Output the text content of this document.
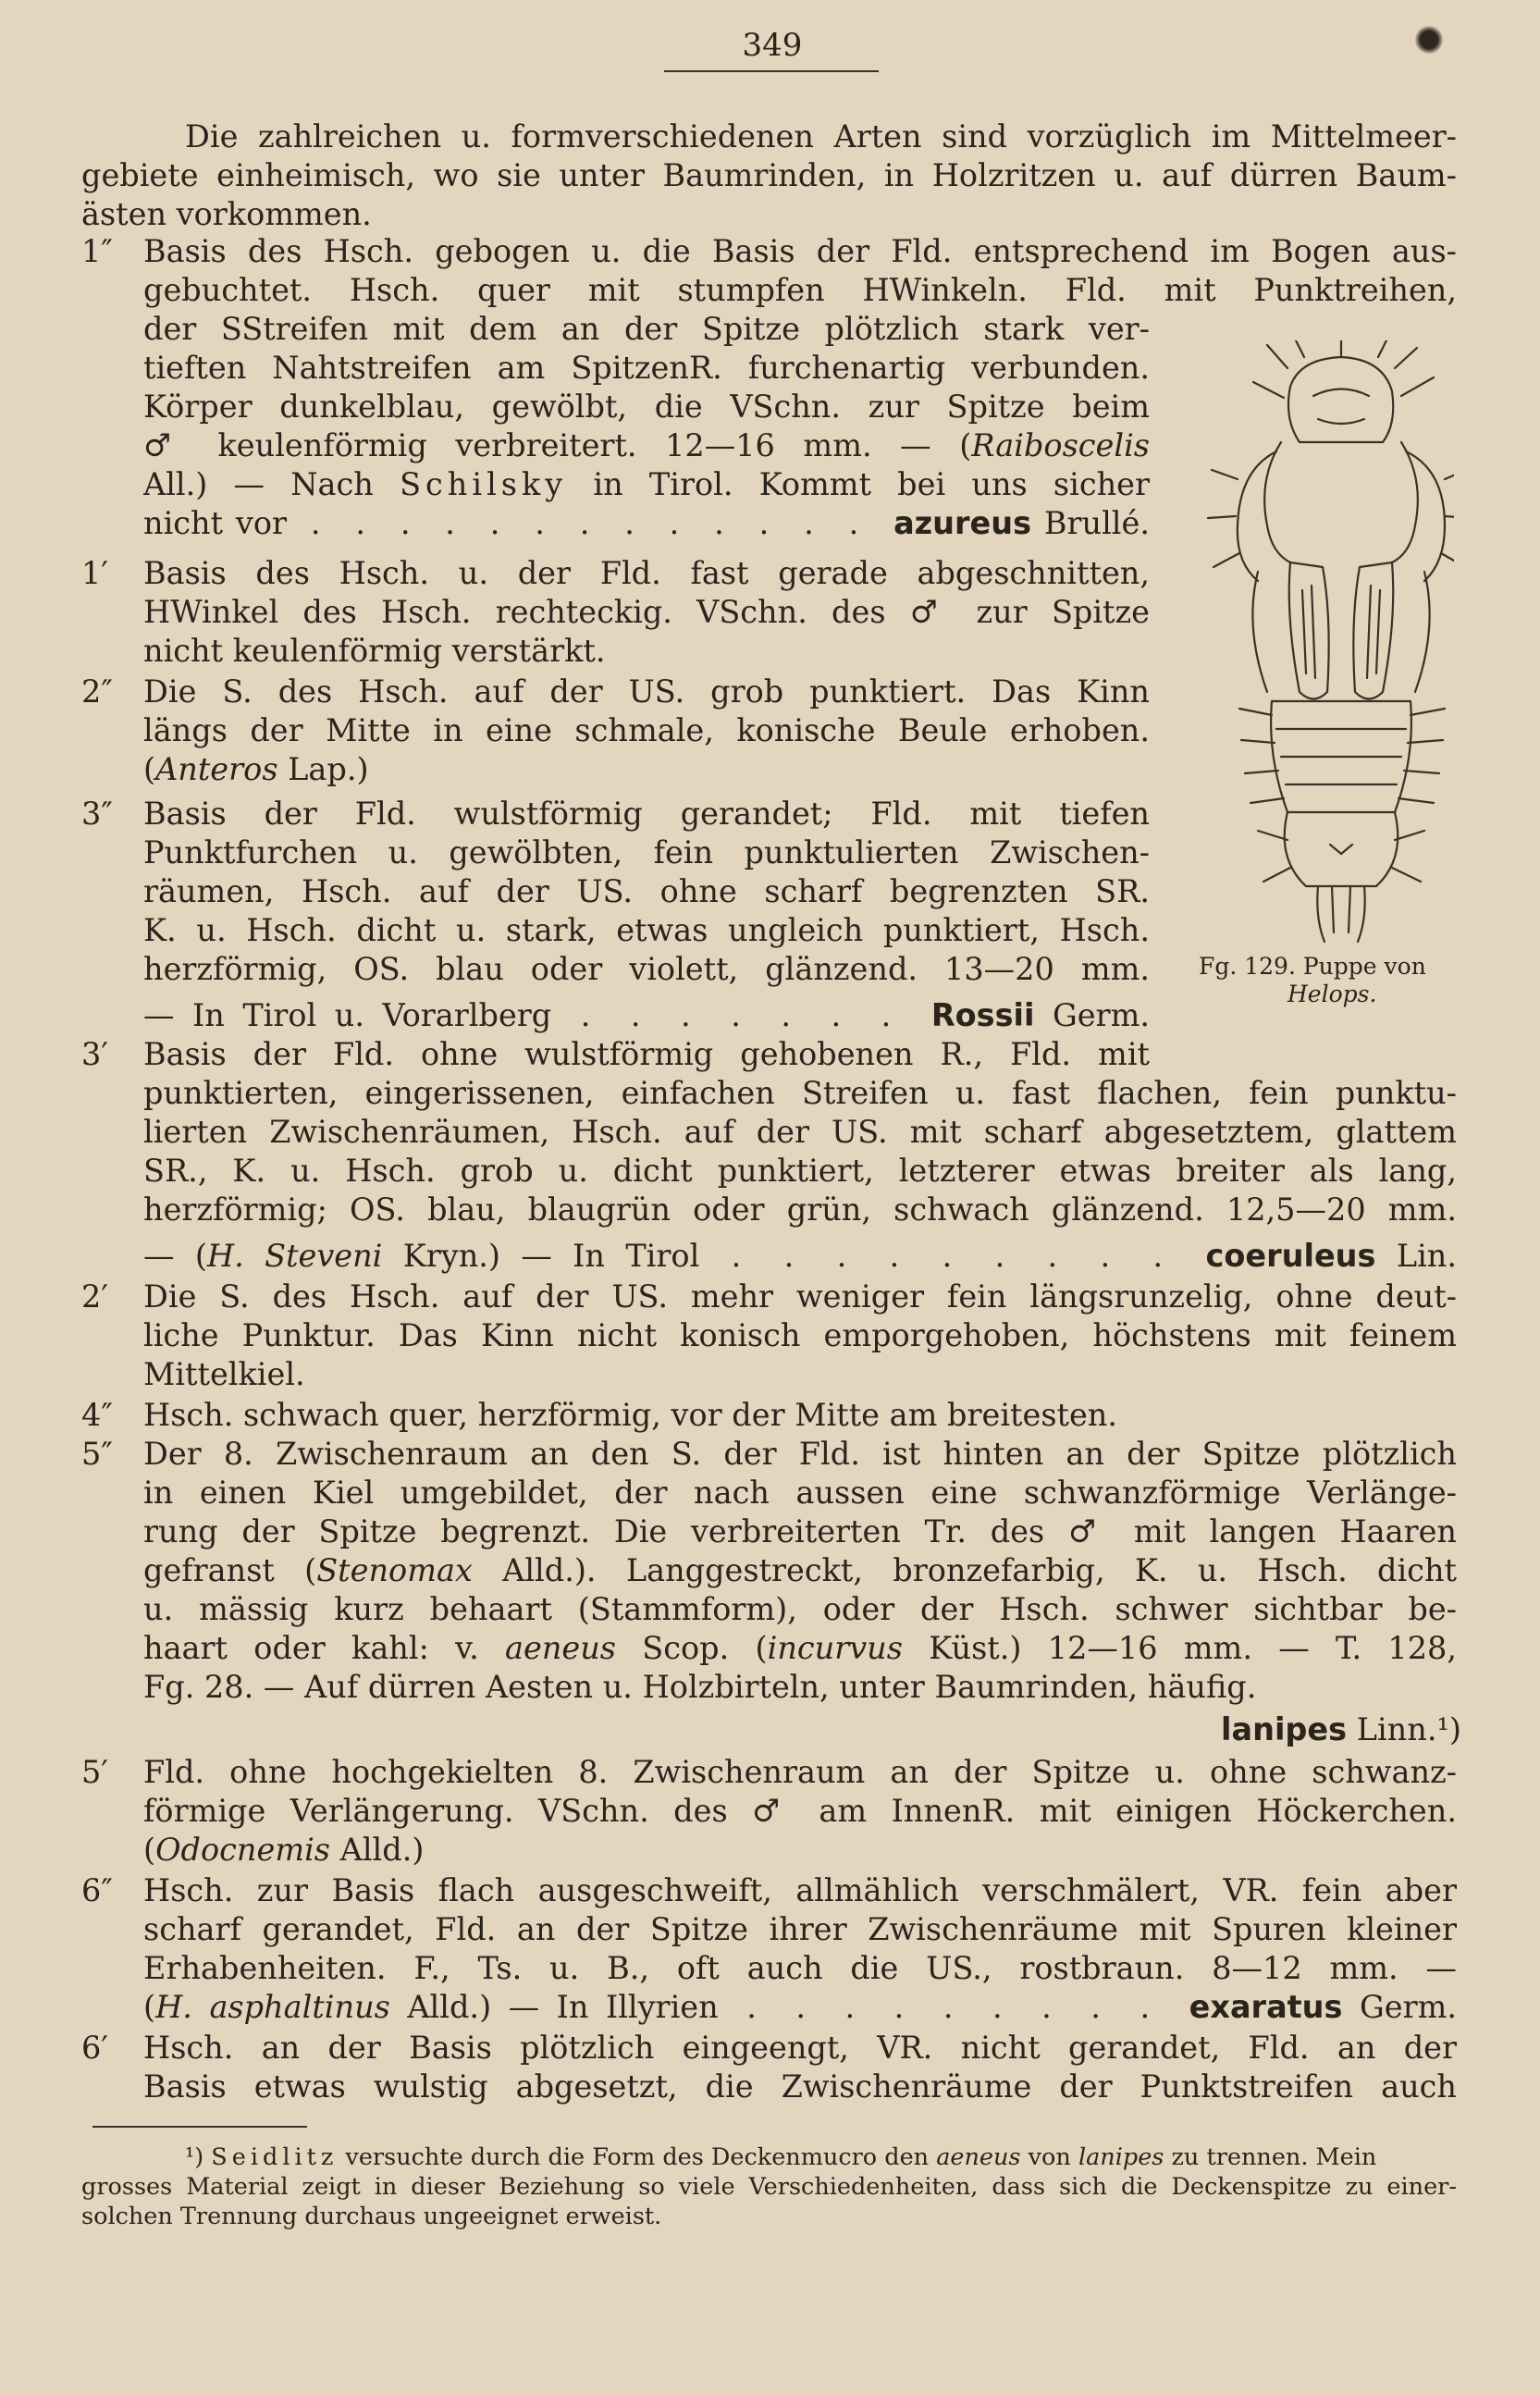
349
Die zahlreichen u. formverschiedenen Arten sind vorzüglich im Mittelmeer-
gebiete einheimisch, wo sie unter Baumrinden, in Holzritzen u. auf dürren Baum-
ästen vorkommen.
1″ Basis des Hsch. gebogen u. die Basis der Fld. entsprechend im Bogen aus-
gebuchtet. Hsch. quer mit stumpfen HWinkeln. Fld. mit Punktreihen,
der SStreifen mit dem an der Spitze plötzlich stark ver-
tieften Nahtstreifen am SpitzenR. furchenartig verbunden.
Körper dunkelblau, gewölbt, die VSchn. zur Spitze beim
♂ keulenförmig verbreitert. 12—16 mm. — (Raiboscelis
All.) — Nach Schilsky in Tirol. Kommt bei uns sicher
nicht vor . . . . . . . . . . . . . azureus Brullé.
1′ Basis des Hsch. u. der Fld. fast gerade abgeschnitten,
HWinkel des Hsch. rechteckig. VSchn. des ♂ zur Spitze
nicht keulenförmig verstärkt.
2″ Die S. des Hsch. auf der US. grob punktiert. Das Kinn
längs der Mitte in eine schmale, konische Beule erhoben.
(Anteros Lap.)
3″ Basis der Fld. wulstförmig gerandet; Fld. mit tiefen
Punktfurchen u. gewölbten, fein punktulierten Zwischen-
räumen, Hsch. auf der US. ohne scharf begrenzten SR.
K. u. Hsch. dicht u. stark, etwas ungleich punktiert, Hsch.
herzförmig, OS. blau oder violett, glänzend. 13—20 mm.
— In Tirol u. Vorarlberg . . . . . . . Rossii Germ.
3′ Basis der Fld. ohne wulstförmig gehobenen R., Fld. mit
punktierten, eingerissenen, einfachen Streifen u. fast flachen, fein punktu-
lierten Zwischenräumen, Hsch. auf der US. mit scharf abgesetztem, glattem
SR., K. u. Hsch. grob u. dicht punktiert, letzterer etwas breiter als lang,
herzförmig; OS. blau, blaugrün oder grün, schwach glänzend. 12,5—20 mm.
— (H. Steveni Kryn.) — In Tirol . . . . . . . . . coeruleus Lin.
2′ Die S. des Hsch. auf der US. mehr weniger fein längsrunzelig, ohne deut-
liche Punktur. Das Kinn nicht konisch emporgehoben, höchstens mit feinem
Mittelkiel.
4″ Hsch. schwach quer, herzförmig, vor der Mitte am breitesten.
5″ Der 8. Zwischenraum an den S. der Fld. ist hinten an der Spitze plötzlich
in einen Kiel umgebildet, der nach aussen eine schwanzförmige Verlänge-
rung der Spitze begrenzt. Die verbreiterten Tr. des ♂ mit langen Haaren
gefranst (Stenomax Alld.). Langgestreckt, bronzefarbig, K. u. Hsch. dicht
u. mässig kurz behaart (Stammform), oder der Hsch. schwer sichtbar be-
haart oder kahl: v. aeneus Scop. (incurvus Küst.) 12—16 mm. — T. 128,
Fg. 28. — Auf dürren Aesten u. Holzbirteln, unter Baumrinden, häufig.
lanipes Linn.¹)
5′ Fld. ohne hochgekielten 8. Zwischenraum an der Spitze u. ohne schwanz-
förmige Verlängerung. VSchn. des ♂ am InnenR. mit einigen Höckerchen.
(Odocnemis Alld.)
6″ Hsch. zur Basis flach ausgeschweift, allmählich verschmälert, VR. fein aber
scharf gerandet, Fld. an der Spitze ihrer Zwischenräume mit Spuren kleiner
Erhabenheiten. F., Ts. u. B., oft auch die US., rostbraun. 8—12 mm. —
(H. asphaltinus Alld.) — In Illyrien . . . . . . . . . exaratus Germ.
6′ Hsch. an der Basis plötzlich eingeengt, VR. nicht gerandet, Fld. an der
Basis etwas wulstig abgesetzt, die Zwischenräume der Punktstreifen auch
Fg. 129. Puppe von
Helops.
¹) Seidlitz versuchte durch die Form des Deckenmucro den aeneus von lanipes zu trennen. Mein
grosses Material zeigt in dieser Beziehung so viele Verschiedenheiten, dass sich die Deckenspitze zu einer-
solchen Trennung durchaus ungeeignet erweist.
